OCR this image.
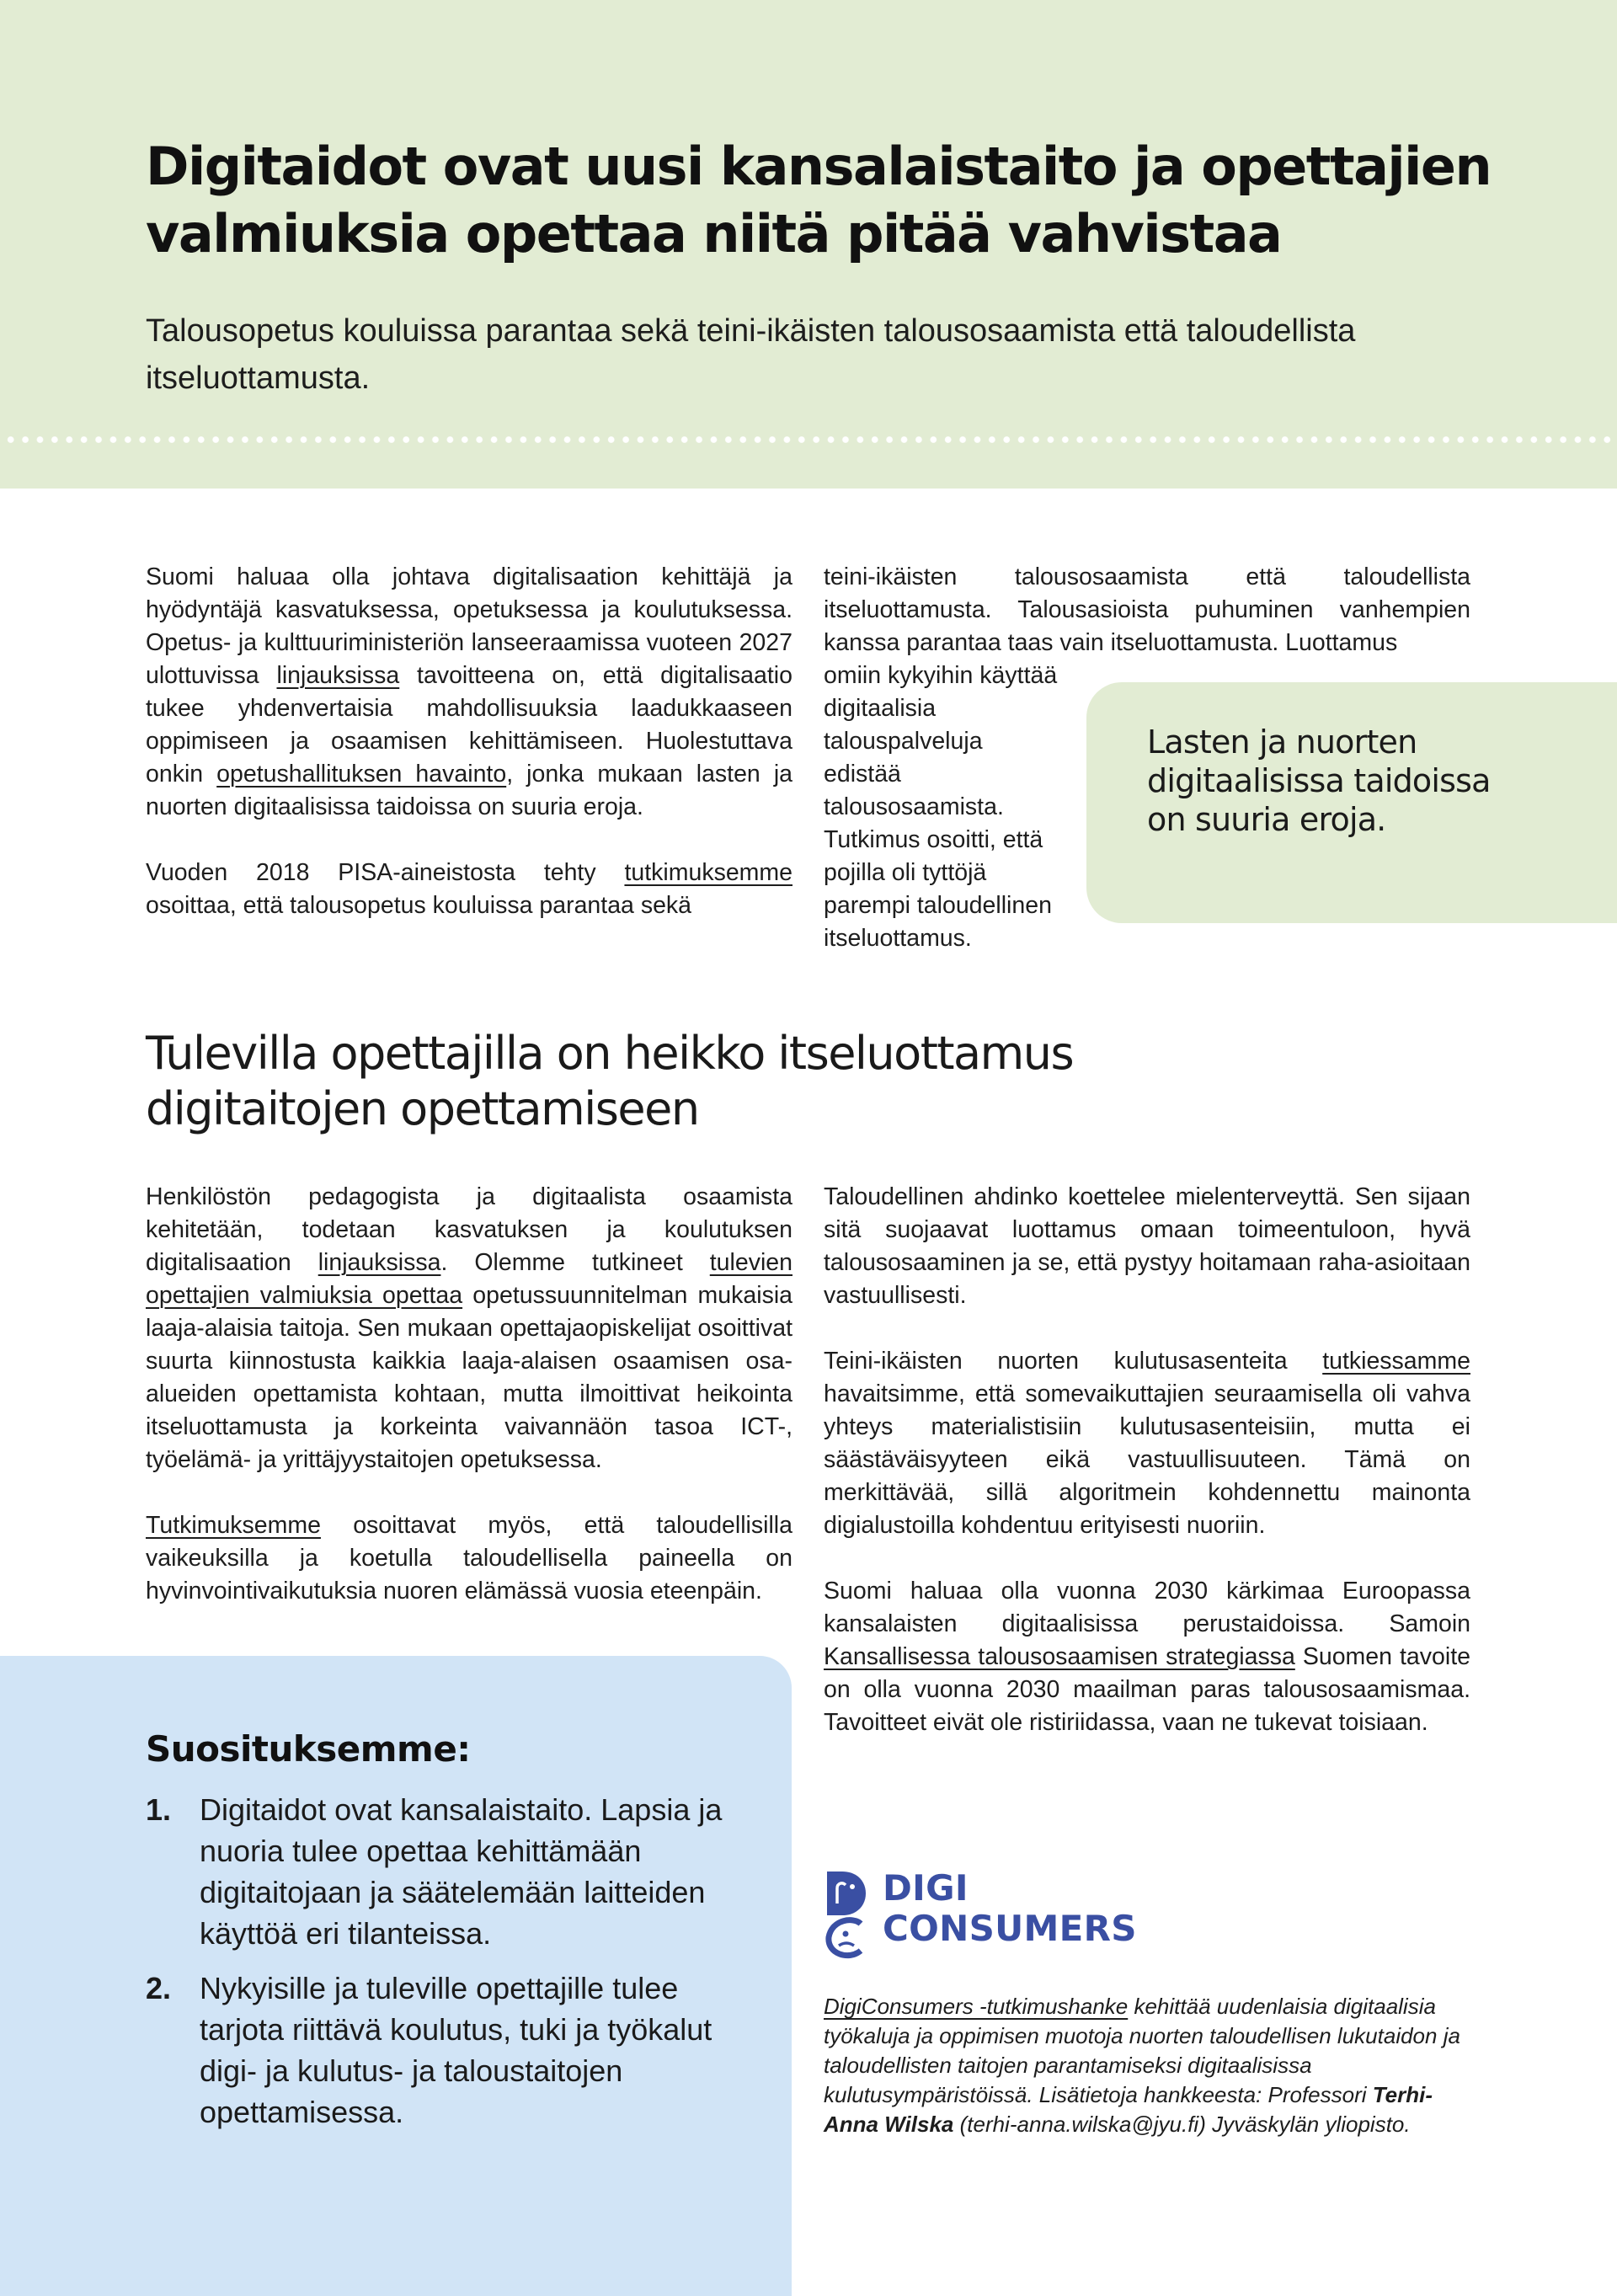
Digitaidot ovat uusi kansalaistaito ja opettajien valmiuksia opettaa niitä pitää vahvistaa

Talousopetus kouluissa parantaa sekä teini-ikäisten talousosaamista että taloudellista itseluottamusta.

Suomi haluaa olla johtava digitalisaation kehittäjä ja hyödyntäjä kasvatuksessa, opetuksessa ja koulutuksessa. Opetus- ja kulttuuriministeriön lanseeraamissa vuoteen 2027 ulottuvissa linjauksissa tavoitteena on, että digitalisaatio tukee yhdenvertaisia mahdollisuuksia laadukkaaseen oppimiseen ja osaamisen kehittämiseen. Huolestuttava onkin opetushallituksen havainto, jonka mukaan lasten ja nuorten digitaalisissa taidoissa on suuria eroja.

Vuoden 2018 PISA-aineistosta tehty tutkimuksemme osoittaa, että talousopetus kouluissa parantaa sekä

teini-ikäisten talousosaamista että taloudellista itseluottamusta. Talousasioista puhuminen vanhempien kanssa parantaa taas vain itseluottamusta. Luottamus

omiin kykyihin käyttää digitaalisia talouspalveluja edistää talousosaamista. Tutkimus osoitti, että pojilla oli tyttöjä parempi taloudellinen itseluottamus.

Lasten ja nuorten digitaalisissa taidoissa on suuria eroja.
Tulevilla opettajilla on heikko itseluottamus digitaitojen opettamiseen

Henkilöstön pedagogista ja digitaalista osaamista kehitetään, todetaan kasvatuksen ja koulutuksen digitalisaation linjauksissa. Olemme tutkineet tulevien opettajien valmiuksia opettaa opetussuunnitelman mukaisia laaja-alaisia taitoja. Sen mukaan opettajaopiskelijat osoittivat suurta kiinnostusta kaikkia laaja-alaisen osaamisen osa-alueiden opettamista kohtaan, mutta ilmoittivat heikointa itseluottamusta ja korkeinta vaivannäön tasoa ICT-, työelämä- ja yrittäjyystaitojen opetuksessa.

Tutkimuksemme osoittavat myös, että taloudellisilla vaikeuksilla ja koetulla taloudellisella paineella on hyvinvointivaikutuksia nuoren elämässä vuosia eteenpäin.

Taloudellinen ahdinko koettelee mielenterveyttä. Sen sijaan sitä suojaavat luottamus omaan toimeentuloon, hyvä talousosaaminen ja se, että pystyy hoitamaan raha-asioitaan vastuullisesti.

Teini-ikäisten nuorten kulutusasenteita tutkiessamme havaitsimme, että somevaikuttajien seuraamisella oli vahva yhteys materialistisiin kulutusasenteisiin, mutta ei säästäväisyyteen eikä vastuullisuuteen. Tämä on merkittävää, sillä algoritmein kohdennettu mainonta digialustoilla kohdentuu erityisesti nuoriin.

Suomi haluaa olla vuonna 2030 kärkimaa Euroopassa kansalaisten digitaalisissa perustaidoissa. Samoin Kansallisessa talousosaamisen strategiassa Suomen tavoite on olla vuonna 2030 maailman paras talousosaamismaa. Tavoitteet eivät ole ristiriidassa, vaan ne tukevat toisiaan.

Suosituksemme:
1. Digitaidot ovat kansalaistaito. Lapsia ja nuoria tulee opettaa kehittämään digitaitojaan ja säätelemään laitteiden käyttöä eri tilanteissa.
2. Nykyisille ja tuleville opettajille tulee tarjota riittävä koulutus, tuki ja työkalut digi- ja kulutus- ja taloustaitojen opettamisessa.
DIGI
CONSUMERS
DigiConsumers -tutkimushanke kehittää uudenlaisia digitaalisia työkaluja ja oppimisen muotoja nuorten taloudellisen lukutaidon ja taloudellisten taitojen parantamiseksi digitaalisissa kulutusympäristöissä. Lisätietoja hankkeesta: Professori Terhi-Anna Wilska (terhi-anna.wilska@jyu.fi) Jyväskylän yliopisto.
